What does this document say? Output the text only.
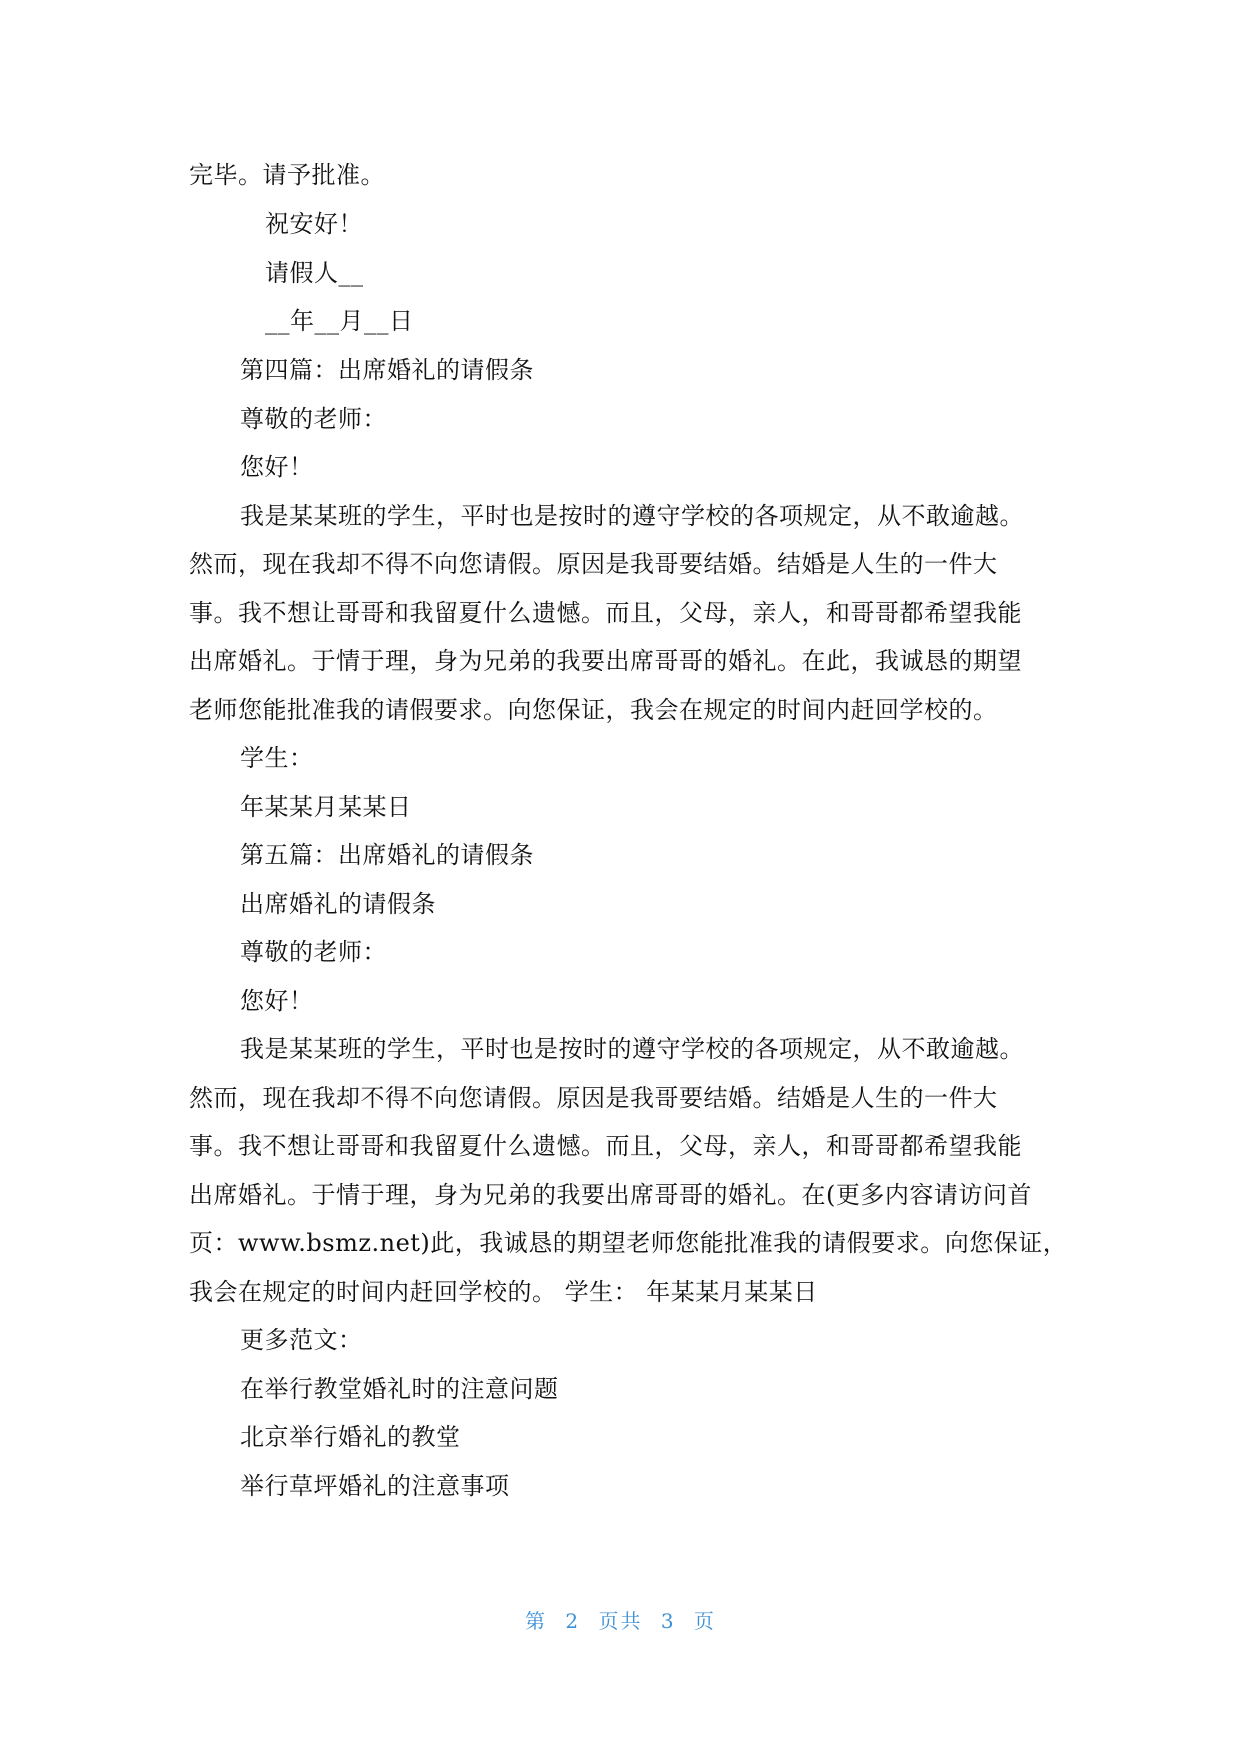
完毕。请予批准。
祝安好！
请假人__
__年__月__日
第四篇：出席婚礼的请假条
尊敬的老师：
您好！
我是某某班的学生，平时也是按时的遵守学校的各项规定，从不敢逾越。
然而，现在我却不得不向您请假。原因是我哥要结婚。结婚是人生的一件大
事。我不想让哥哥和我留夏什么遗憾。而且，父母，亲人，和哥哥都希望我能
出席婚礼。于情于理，身为兄弟的我要出席哥哥的婚礼。在此，我诚恳的期望
老师您能批准我的请假要求。向您保证，我会在规定的时间内赶回学校的。
学生：
年某某月某某日
第五篇：出席婚礼的请假条
出席婚礼的请假条
尊敬的老师：
您好！
我是某某班的学生，平时也是按时的遵守学校的各项规定，从不敢逾越。
然而，现在我却不得不向您请假。原因是我哥要结婚。结婚是人生的一件大
事。我不想让哥哥和我留夏什么遗憾。而且，父母，亲人，和哥哥都希望我能
出席婚礼。于情于理，身为兄弟的我要出席哥哥的婚礼。在(更多内容请访问首
页：www.bsmz.net)此，我诚恳的期望老师您能批准我的请假要求。向您保证，
我会在规定的时间内赶回学校的。 学生： 年某某月某某日
更多范文：
在举行教堂婚礼时的注意问题
北京举行婚礼的教堂
举行草坪婚礼的注意事项
第 2 页共 3 页
